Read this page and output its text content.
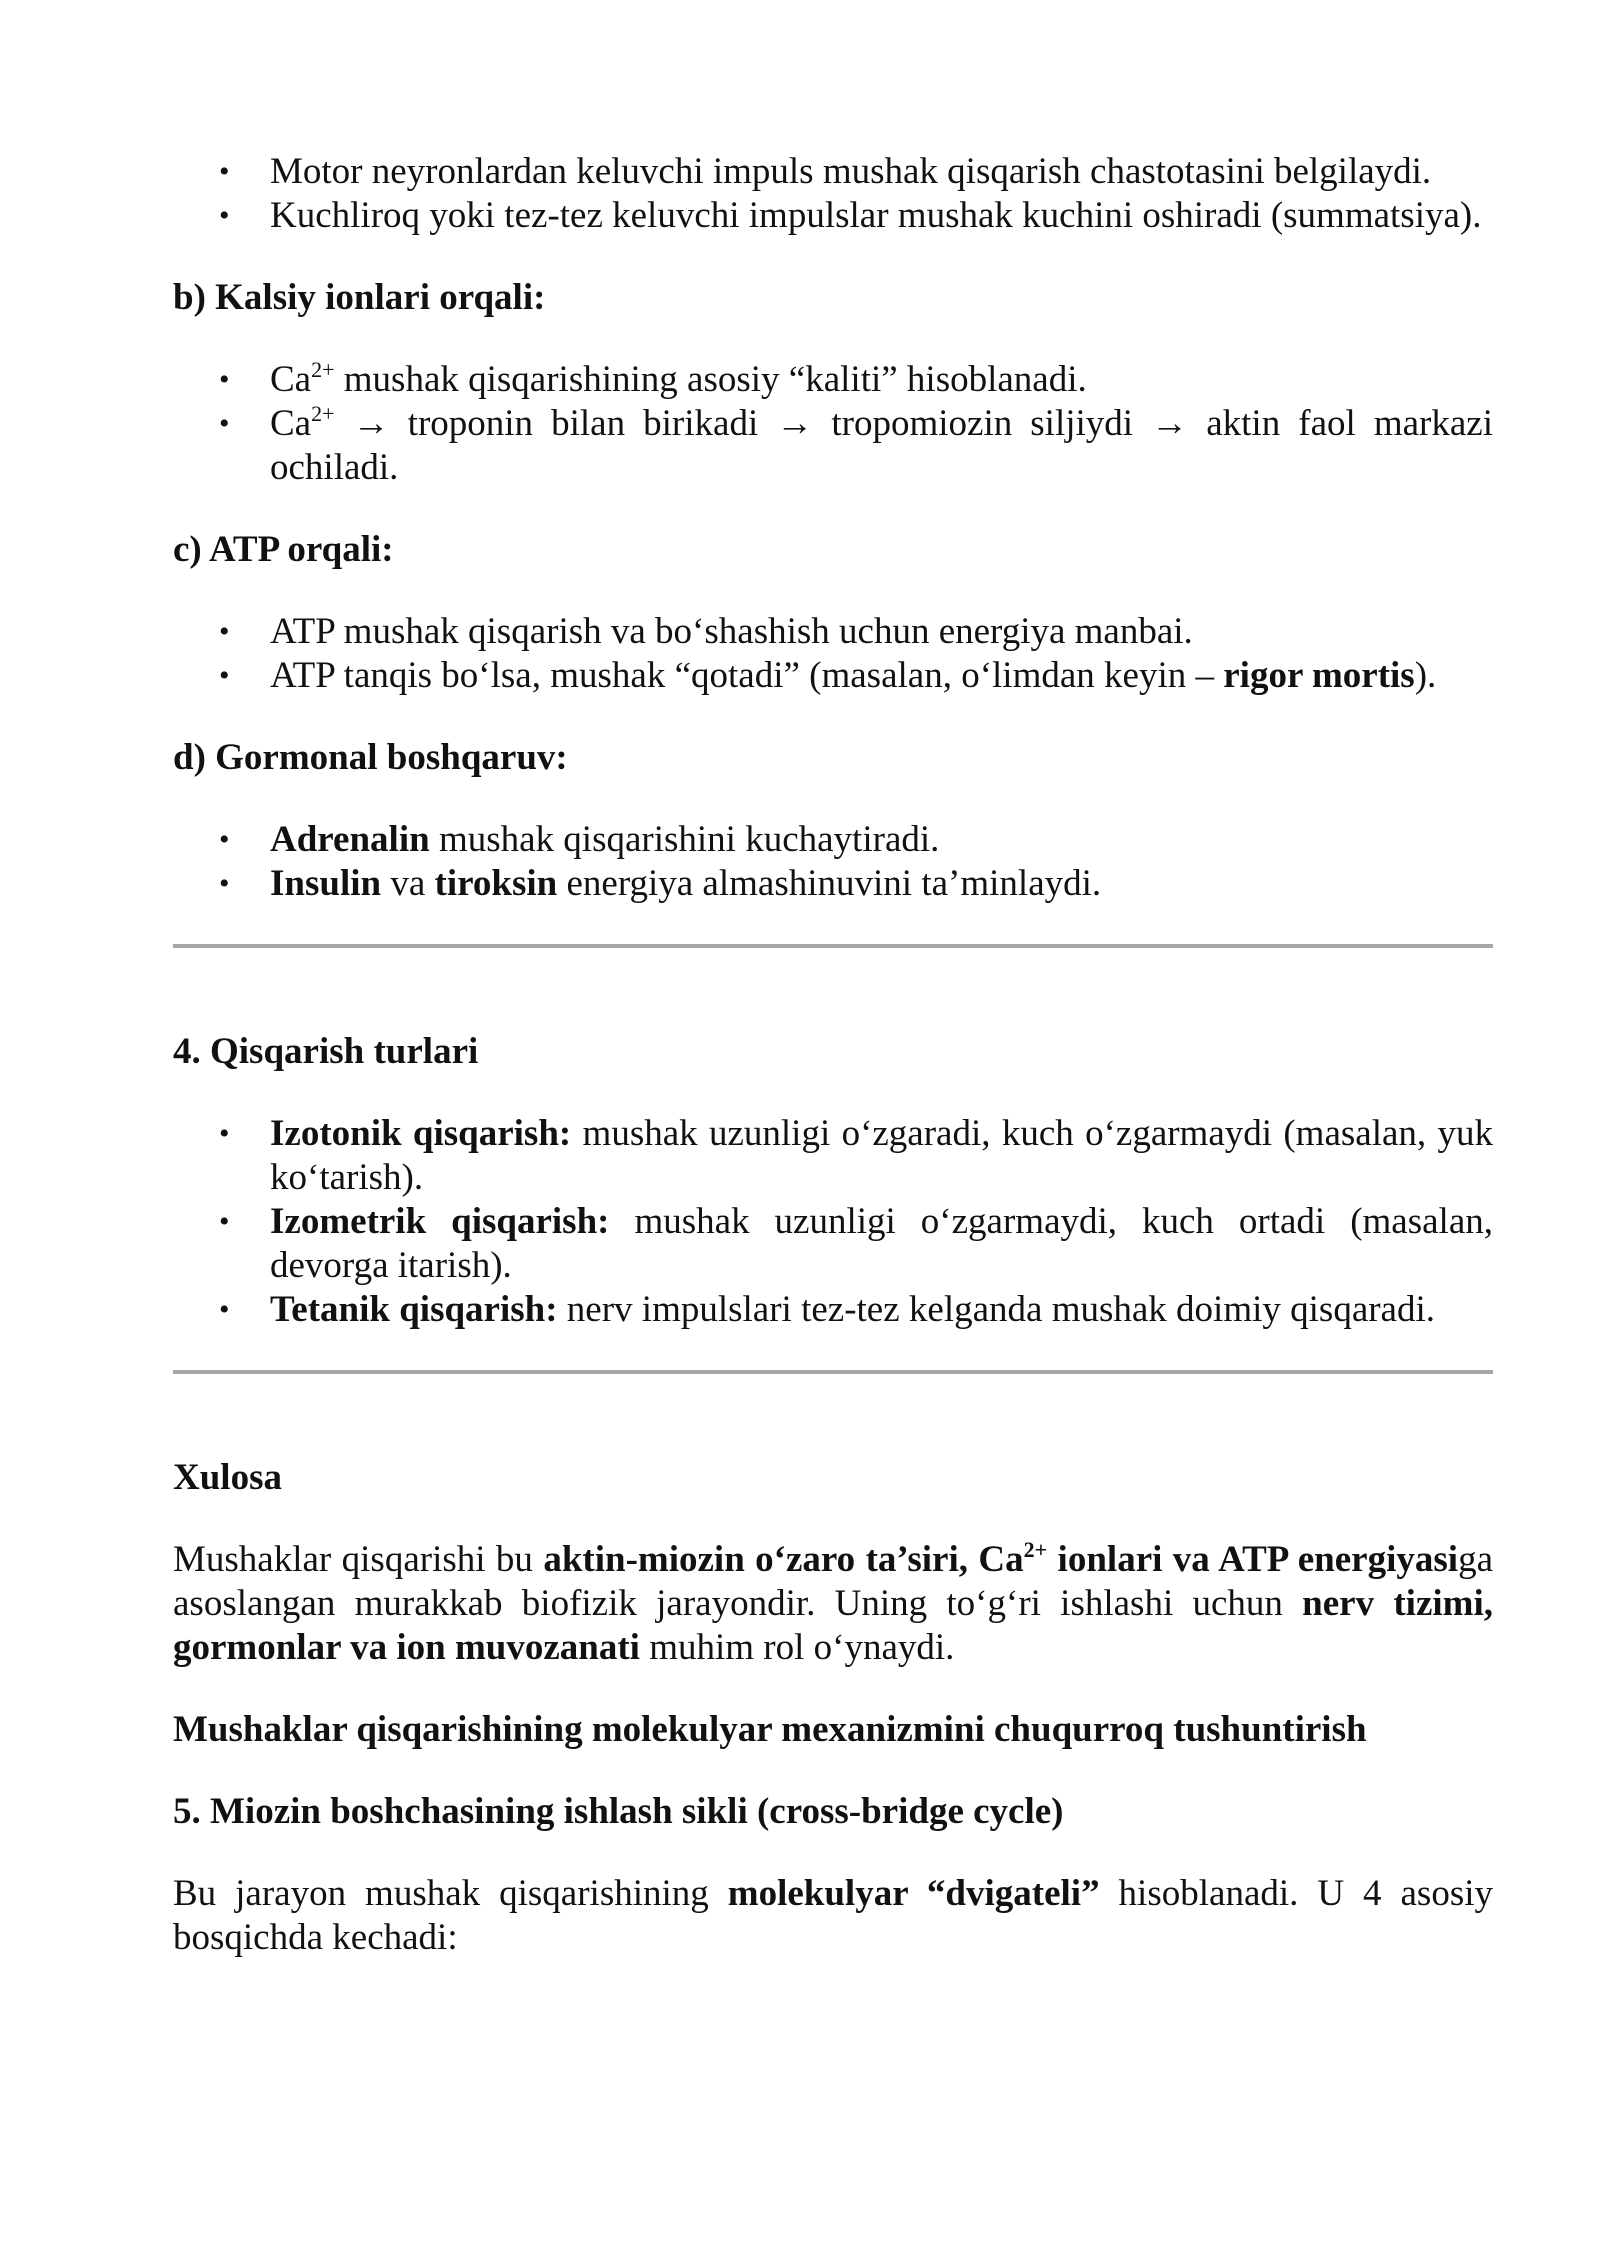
• Motor neyronlardan keluvchi impuls mushak qisqarish chastotasini belgilaydi.
• Kuchliroq yoki tez-tez keluvchi impulslar mushak kuchini oshiradi (summatsiya).

b) Kalsiy ionlari orqali:

• $Ca^{2+}$ mushak qisqarishining asosiy “kaliti” hisoblanadi.
• $Ca^{2+}$ → troponin bilan birikadi → tropomiozin siljiydi → aktin faol markazi ochiladi.

c) ATP orqali:

• ATP mushak qisqarish va bo‘shashish uchun energiya manbai.
• ATP tanqis bo‘lsa, mushak “qotadi” (masalan, o‘limdan keyin – rigor mortis).

d) Gormonal boshqaruv:

• Adrenalin mushak qisqarishini kuchaytiradi.
• Insulin va tiroksin energiya almashinuvini ta’minlaydi.

4. Qisqarish turlari

• Izotonik qisqarish: mushak uzunligi o‘zgaradi, kuch o‘zgarmaydi (masalan, yuk ko‘tarish).
• Izometrik qisqarish: mushak uzunligi o‘zgarmaydi, kuch ortadi (masalan, devorga itarish).
• Tetanik qisqarish: nerv impulslari tez-tez kelganda mushak doimiy qisqaradi.

Xulosa

Mushaklar qisqarishi bu aktin-miozin o‘zaro ta’siri, $Ca^{2+}$ ionlari va ATP energiyasiga asoslangan murakkab biofizik jarayondir. Uning to‘g‘ri ishlashi uchun nerv tizimi, gormonlar va ion muvozanati muhim rol o‘ynaydi.

Mushaklar qisqarishining molekulyar mexanizmini chuqurroq tushuntirish

5. Miozin boshchasining ishlash sikli (cross-bridge cycle)

Bu jarayon mushak qisqarishining molekulyar “dvigateli” hisoblanadi. U 4 asosiy bosqichda kechadi:
